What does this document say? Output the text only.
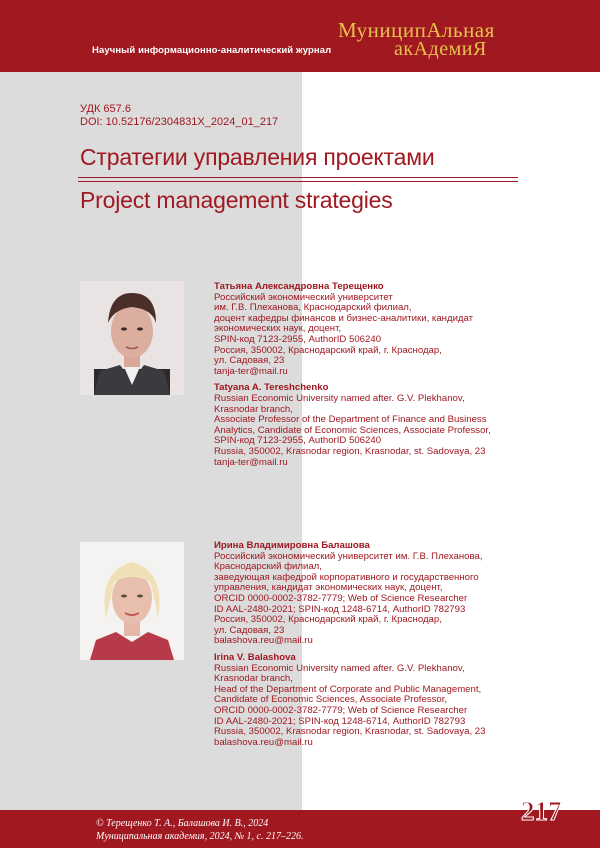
Научный информационно-аналитический журнал
МуниципАльная
акАдемиЯ
УДК 657.6
DOI: 10.52176/2304831X_2024_01_217
Стратегии управления проектами
Project management strategies
Татьяна Александровна Терещенко
Российский экономический университет
им. Г.В. Плеханова, Краснодарский филиал,
доцент кафедры финансов и бизнес-аналитики, кандидат
экономических наук, доцент,
SPIN-код 7123-2955, AuthorID 506240
Россия, 350002, Краснодарский край, г. Краснодар,
ул. Садовая, 23
tanja-ter@mail.ru
Tatyana A. Tereshchenko
Russian Economic University named after. G.V. Plekhanov,
Krasnodar branch,
Associate Professor of the Department of Finance and Business
Analytics, Candidate of Economic Sciences, Associate Professor,
SPIN-код 7123-2955, AuthorID 506240
Russia, 350002, Krasnodar region, Krasnodar, st. Sadovaya, 23
tanja-ter@mail.ru
Ирина Владимировна Балашова
Российский экономический университет им. Г.В. Плеханова,
Краснодарский филиал,
заведующая кафедрой корпоративного и государственного
управления, кандидат экономических наук, доцент,
ORCID 0000-0002-3782-7779; Web of Science Researcher
ID AAL-2480-2021; SPIN-код 1248-6714, AuthorID 782793
Россия, 350002, Краснодарский край, г. Краснодар,
ул. Садовая, 23
balashova.reu@mail.ru
Irina V. Balashova
Russian Economic University named after. G.V. Plekhanov,
Krasnodar branch,
Head of the Department of Corporate and Public Management,
Candidate of Economic Sciences, Associate Professor,
ORCID 0000-0002-3782-7779; Web of Science Researcher
ID AAL-2480-2021; SPIN-код 1248-6714, AuthorID 782793
Russia, 350002, Krasnodar region, Krasnodar, st. Sadovaya, 23
balashova.reu@mail.ru
© Терещенко Т. А., Балашова И. В., 2024
Муниципальная академия, 2024, № 1, с. 217–226.
217
